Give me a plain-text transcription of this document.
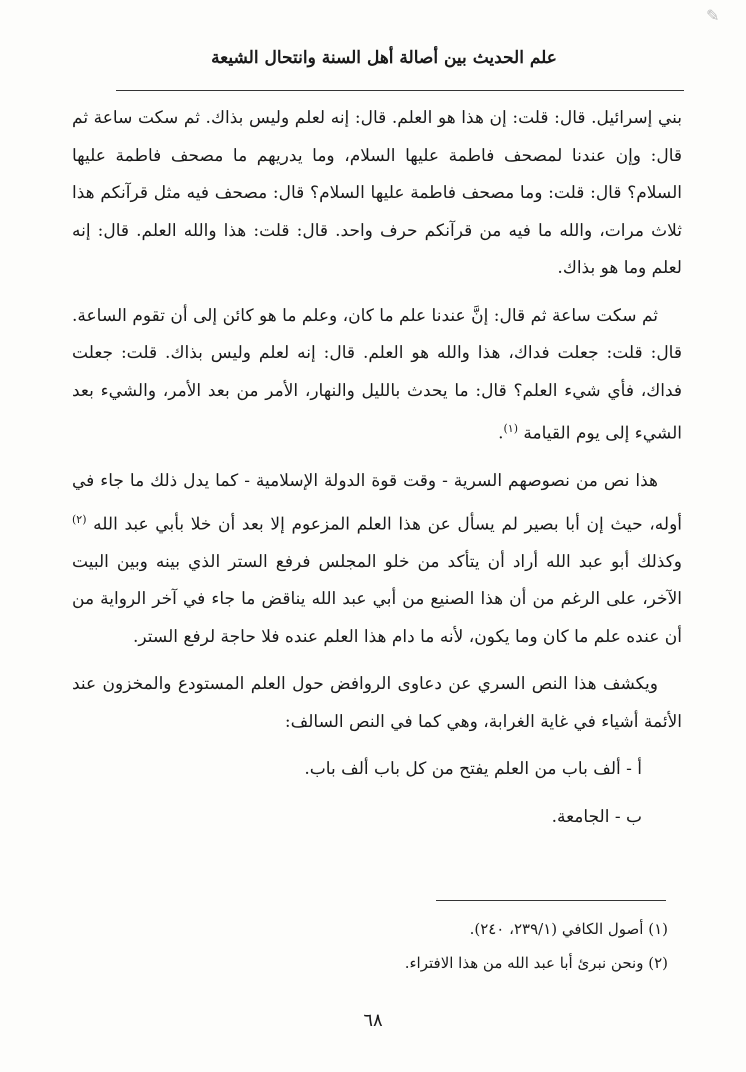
✎
علم الحديث بين أصالة أهل السنة وانتحال الشيعة

بني إسرائيل. قال: قلت: إن هذا هو العلم. قال: إنه لعلم وليس بذاك. ثم سكت ساعة ثم قال: وإن عندنا لمصحف فاطمة عليها السلام، وما يدريهم ما مصحف فاطمة عليها السلام؟ قال: قلت: وما مصحف فاطمة عليها السلام؟ قال: مصحف فيه مثل قرآنكم هذا ثلاث مرات، والله ما فيه من قرآنكم حرف واحد. قال: قلت: هذا والله العلم. قال: إنه لعلم وما هو بذاك.

ثم سكت ساعة ثم قال: إنَّ عندنا علم ما كان، وعلم ما هو كائن إلى أن تقوم الساعة. قال: قلت: جعلت فداك، هذا والله هو العلم. قال: إنه لعلم وليس بذاك. قلت: جعلت فداك، فأي شيء العلم؟ قال: ما يحدث بالليل والنهار، الأمر من بعد الأمر، والشيء بعد الشيء إلى يوم القيامة $^{(١)}$.

هذا نص من نصوصهم السرية - وقت قوة الدولة الإسلامية - كما يدل ذلك ما جاء في أوله، حيث إن أبا بصير لم يسأل عن هذا العلم المزعوم إلا بعد أن خلا بأبي عبد الله $^{(٢)}$ وكذلك أبو عبد الله أراد أن يتأكد من خلو المجلس فرفع الستر الذي بينه وبين البيت الآخر، على الرغم من أن هذا الصنيع من أبي عبد الله يناقض ما جاء في آخر الرواية من أن عنده علم ما كان وما يكون، لأنه ما دام هذا العلم عنده فلا حاجة لرفع الستر.

ويكشف هذا النص السري عن دعاوى الروافض حول العلم المستودع والمخزون عند الأئمة أشياء في غاية الغرابة، وهي كما في النص السالف:

أ - ألف باب من العلم يفتح من كل باب ألف باب.

ب - الجامعة.

(١) أصول الكافي (٢٣٩/١، ٢٤٠).

(٢) ونحن نبرئ أبا عبد الله من هذا الافتراء.

٦٨
